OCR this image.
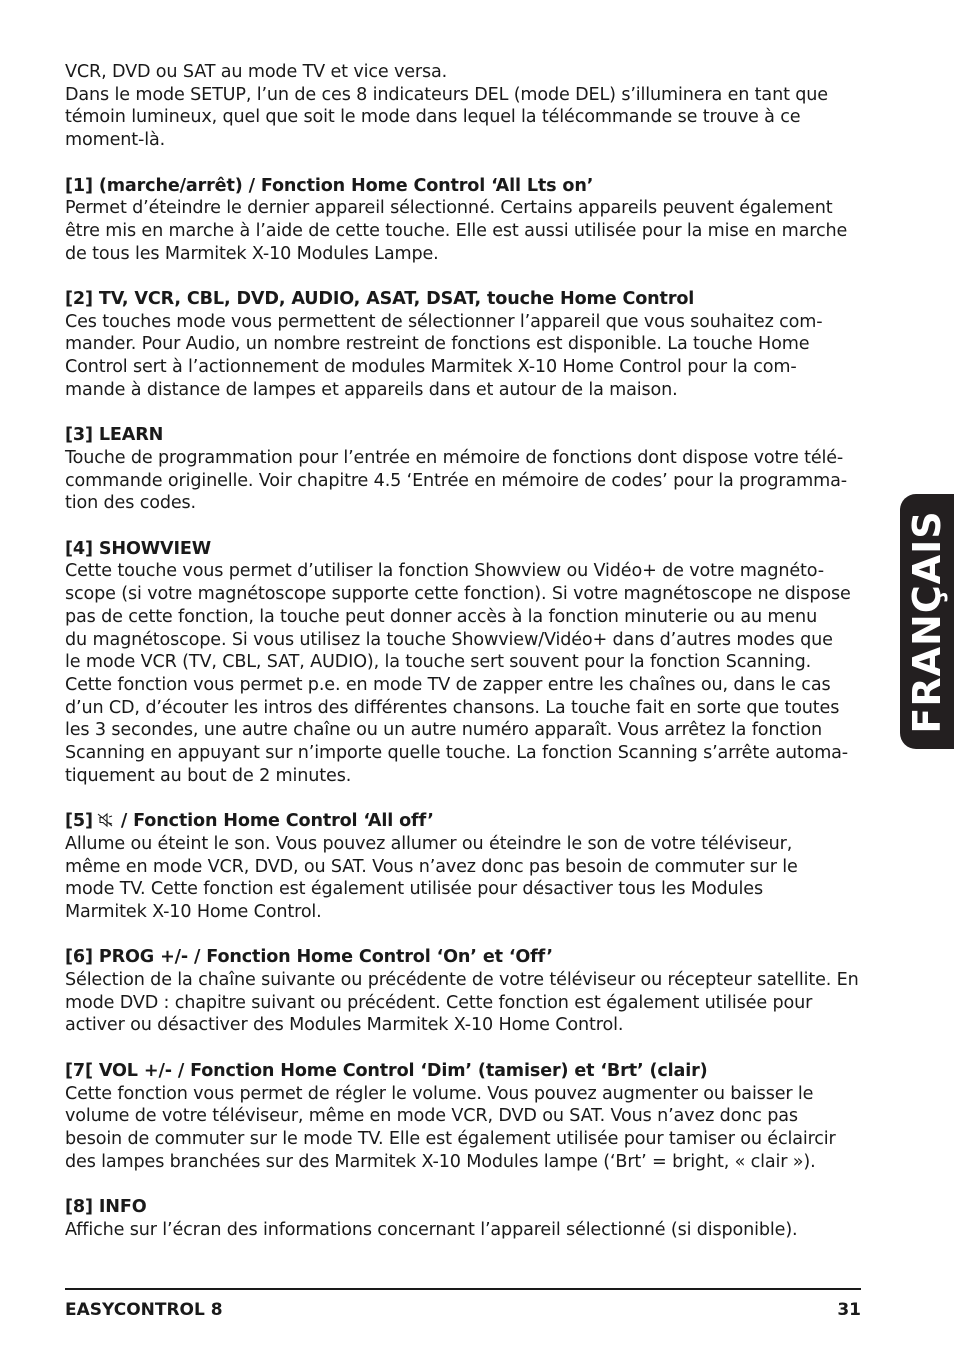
VCR, DVD ou SAT au mode TV et vice versa.

Dans le mode SETUP, l’un de ces 8 indicateurs DEL (mode DEL) s’illuminera en tant que

témoin lumineux, quel que soit le mode dans lequel la télécommande se trouve à ce

moment-là.

[1] (marche/arrêt) / Fonction Home Control ‘All Lts on’

Permet d’éteindre le dernier appareil sélectionné. Certains appareils peuvent également

être mis en marche à l’aide de cette touche. Elle est aussi utilisée pour la mise en marche

de tous les Marmitek X-10 Modules Lampe.

[2] TV, VCR, CBL, DVD, AUDIO, ASAT, DSAT, touche Home Control

Ces touches mode vous permettent de sélectionner l’appareil que vous souhaitez com-

mander. Pour Audio, un nombre restreint de fonctions est disponible. La touche Home

Control sert à l’actionnement de modules Marmitek X-10 Home Control pour la com-

mande à distance de lampes et appareils dans et autour de la maison.

[3] LEARN

Touche de programmation pour l’entrée en mémoire de fonctions dont dispose votre télé-

commande originelle. Voir chapitre 4.5 ‘Entrée en mémoire de codes’ pour la programma-

tion des codes.

[4] SHOWVIEW

Cette touche vous permet d’utiliser la fonction Showview ou Vidéo+ de votre magnéto-

scope (si votre magnétoscope supporte cette fonction). Si votre magnétoscope ne dispose

pas de cette fonction, la touche peut donner accès à la fonction minuterie ou au menu

du magnétoscope. Si vous utilisez la touche Showview/Vidéo+ dans d’autres modes que

le mode VCR (TV, CBL, SAT, AUDIO), la touche sert souvent pour la fonction Scanning.

Cette fonction vous permet p.e. en mode TV de zapper entre les chaînes ou, dans le cas

d’un CD, d’écouter les intros des différentes chansons. La touche fait en sorte que toutes

les 3 secondes, une autre chaîne ou un autre numéro apparaît. Vous arrêtez la fonction

Scanning en appuyant sur n’importe quelle touche. La fonction Scanning s’arrête automa-

tiquement au bout de 2 minutes.

[5] / Fonction Home Control ‘All off’

Allume ou éteint le son. Vous pouvez allumer ou éteindre le son de votre téléviseur,

même en mode VCR, DVD, ou SAT. Vous n’avez donc pas besoin de commuter sur le

mode TV. Cette fonction est également utilisée pour désactiver tous les Modules

Marmitek X-10 Home Control.

[6] PROG +/- / Fonction Home Control ‘On’ et ‘Off’

Sélection de la chaîne suivante ou précédente de votre téléviseur ou récepteur satellite. En

mode DVD : chapitre suivant ou précédent. Cette fonction est également utilisée pour

activer ou désactiver des Modules Marmitek X-10 Home Control.

[7[ VOL +/- / Fonction Home Control ‘Dim’ (tamiser) et ‘Brt’ (clair)

Cette fonction vous permet de régler le volume. Vous pouvez augmenter ou baisser le

volume de votre téléviseur, même en mode VCR, DVD ou SAT. Vous n’avez donc pas

besoin de commuter sur le mode TV. Elle est également utilisée pour tamiser ou éclaircir

des lampes branchées sur des Marmitek X-10 Modules lampe (‘Brt’ = bright, « clair »).

[8] INFO

Affiche sur l’écran des informations concernant l’appareil sélectionné (si disponible).

FRANÇAIS
EASYCONTROL 8	31
